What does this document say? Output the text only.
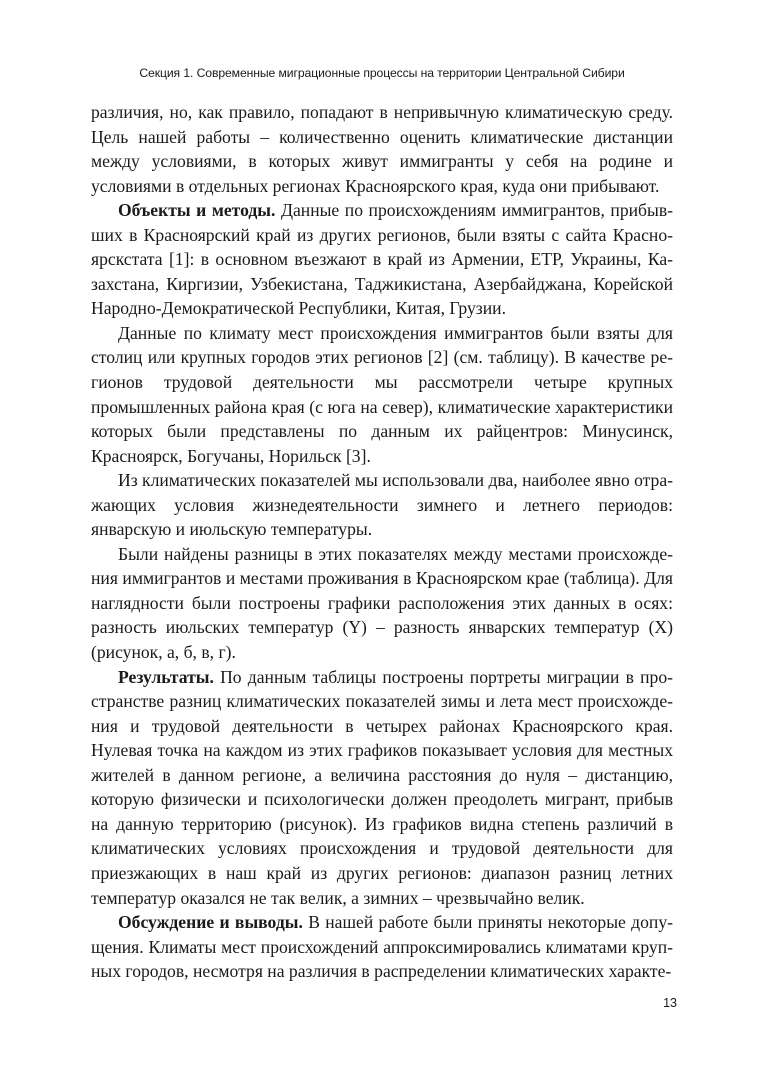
Секция 1. Современные миграционные процессы на территории Центральной Сибири

различия, но, как правило, попадают в непривычную климатическую среду. Цель нашей работы – количественно оценить климатические дистанции между условиями, в которых живут иммигранты у себя на родине и условиями в отдельных регионах Красноярского края, куда они прибывают.

Объекты и методы. Данные по происхождениям иммигрантов, прибывших в Красноярский край из других регионов, были взяты с сайта Красноярскстата [1]: в основном въезжают в край из Армении, ЕТР, Украины, Казахстана, Киргизии, Узбекистана, Таджикистана, Азербайджана, Корейской Народно-Демократической Республики, Китая, Грузии.

Данные по климату мест происхождения иммигрантов были взяты для столиц или крупных городов этих регионов [2] (см. таблицу). В качестве регионов трудовой деятельности мы рассмотрели четыре крупных промышленных района края (с юга на север), климатические характеристики которых были представлены по данным их райцентров: Минусинск, Красноярск, Богучаны, Норильск [3].

Из климатических показателей мы использовали два, наиболее явно отражающих условия жизнедеятельности зимнего и летнего периодов: январскую и июльскую температуры.

Были найдены разницы в этих показателях между местами происхождения иммигрантов и местами проживания в Красноярском крае (таблица). Для наглядности были построены графики расположения этих данных в осях: разность июльских температур (Y) – разность январских температур (X) (рисунок, а, б, в, г).

Результаты. По данным таблицы построены портреты миграции в пространстве разниц климатических показателей зимы и лета мест происхождения и трудовой деятельности в четырех районах Красноярского края. Нулевая точка на каждом из этих графиков показывает условия для местных жителей в данном регионе, а величина расстояния до нуля – дистанцию, которую физически и психологически должен преодолеть мигрант, прибыв на данную территорию (рисунок). Из графиков видна степень различий в климатических условиях происхождения и трудовой деятельности для приезжающих в наш край из других регионов: диапазон разниц летних температур оказался не так велик, а зимних – чрезвычайно велик.

Обсуждение и выводы. В нашей работе были приняты некоторые допущения. Климаты мест происхождений аппроксимировались климатами крупных городов, несмотря на различия в распределении климатических характе-

13
